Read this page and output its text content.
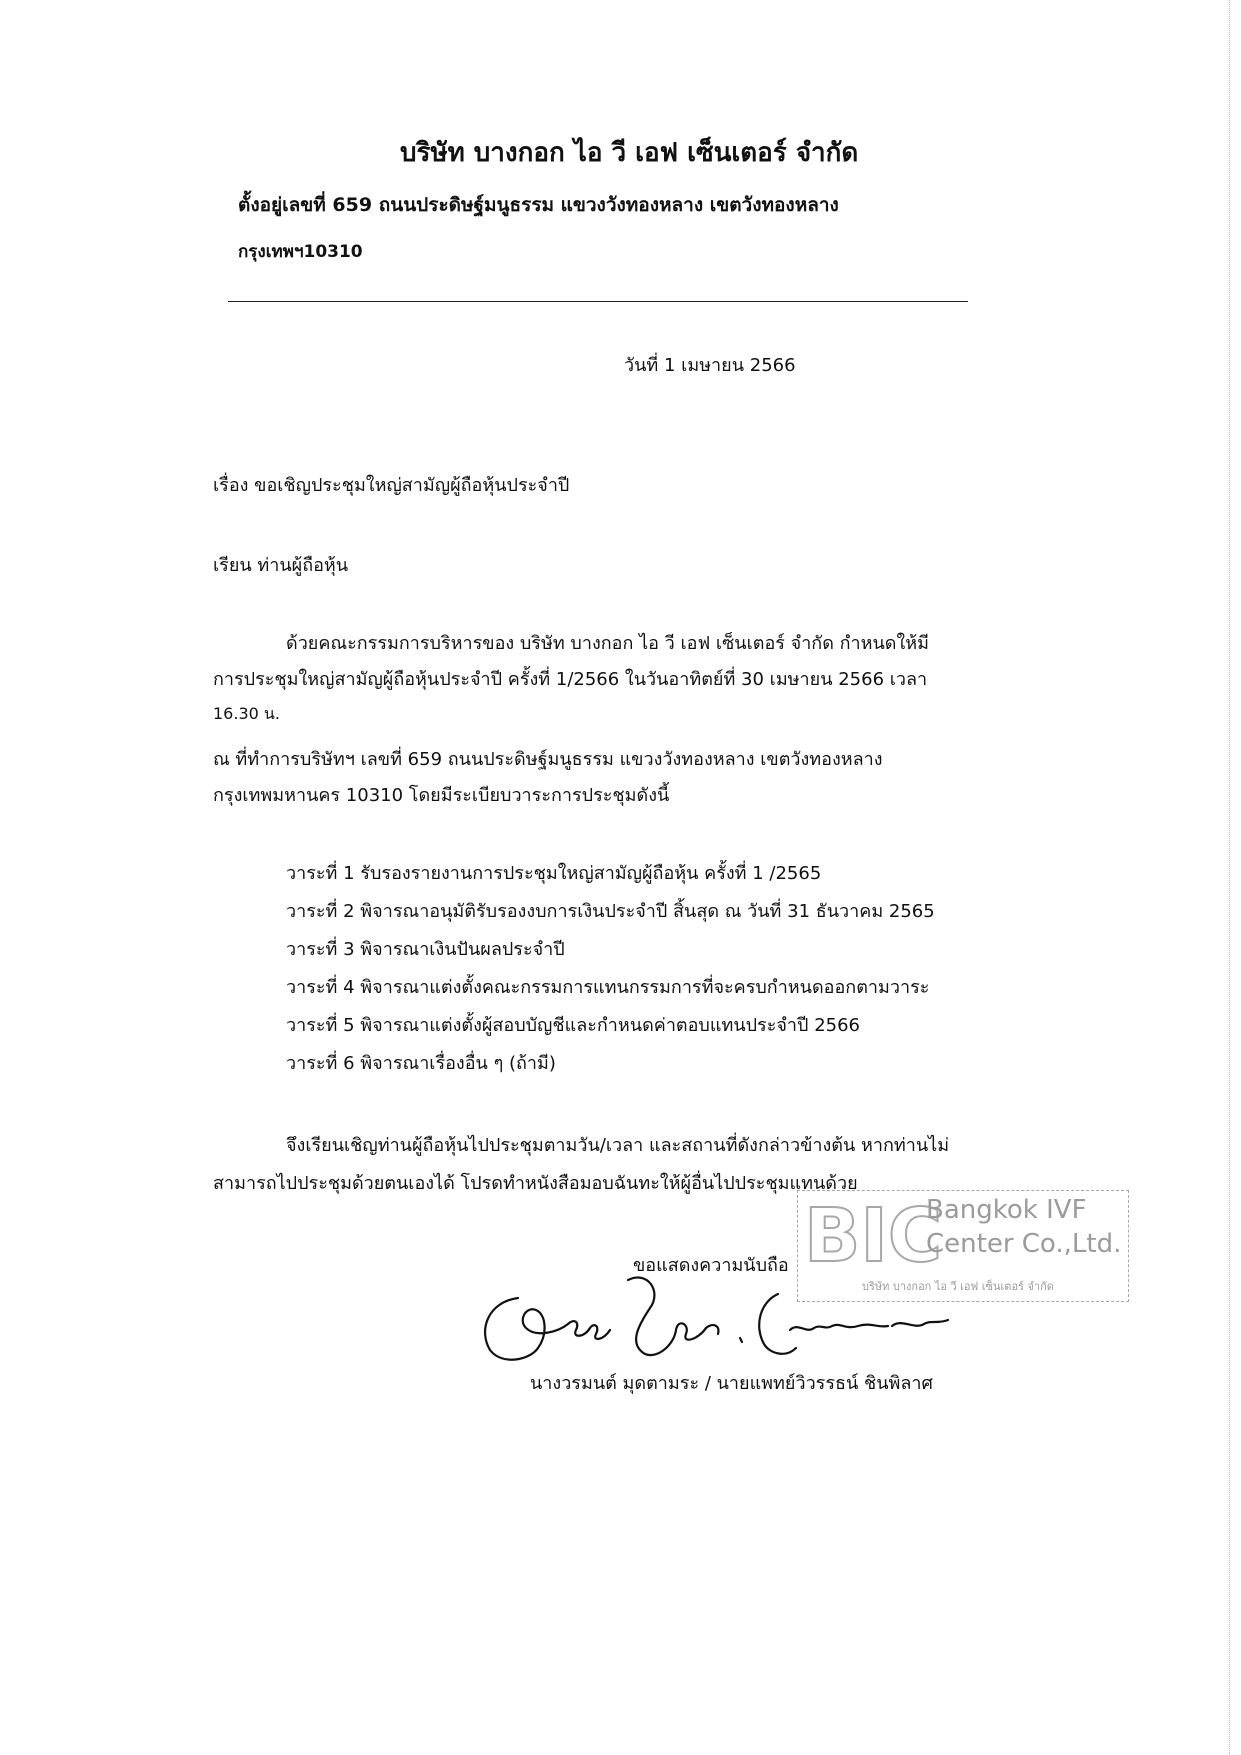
บริษัท บางกอก ไอ วี เอฟ เซ็นเตอร์ จำกัด
ตั้งอยู่เลขที่ 659 ถนนประดิษฐ์มนูธรรม แขวงวังทองหลาง เขตวังทองหลาง
กรุงเทพฯ10310
วันที่ 1 เมษายน 2566
เรื่อง ขอเชิญประชุมใหญ่สามัญผู้ถือหุ้นประจำปี
เรียน ท่านผู้ถือหุ้น
ด้วยคณะกรรมการบริหารของ บริษัท บางกอก ไอ วี เอฟ เซ็นเตอร์ จำกัด กำหนดให้มี
การประชุมใหญ่สามัญผู้ถือหุ้นประจำปี ครั้งที่ 1/2566 ในวันอาทิตย์ที่ 30 เมษายน 2566 เวลา
16.30 น.
ณ ที่ทำการบริษัทฯ เลขที่ 659 ถนนประดิษฐ์มนูธรรม แขวงวังทองหลาง เขตวังทองหลาง
กรุงเทพมหานคร 10310 โดยมีระเบียบวาระการประชุมดังนี้
วาระที่ 1 รับรองรายงานการประชุมใหญ่สามัญผู้ถือหุ้น ครั้งที่ 1 /2565
วาระที่ 2 พิจารณาอนุมัติรับรองงบการเงินประจำปี สิ้นสุด ณ วันที่ 31 ธันวาคม 2565
วาระที่ 3 พิจารณาเงินปันผลประจำปี
วาระที่ 4 พิจารณาแต่งตั้งคณะกรรมการแทนกรรมการที่จะครบกำหนดออกตามวาระ
วาระที่ 5 พิจารณาแต่งตั้งผู้สอบบัญชีและกำหนดค่าตอบแทนประจำปี 2566
วาระที่ 6 พิจารณาเรื่องอื่น ๆ (ถ้ามี)
จึงเรียนเชิญท่านผู้ถือหุ้นไปประชุมตามวัน/เวลา และสถานที่ดังกล่าวข้างต้น หากท่านไม่
สามารถไปประชุมด้วยตนเองได้ โปรดทำหนังสือมอบฉันทะให้ผู้อื่นไปประชุมแทนด้วย
BIC
Bangkok IVF
Center Co.,Ltd.
บริษัท บางกอก ไอ วี เอฟ เซ็นเตอร์ จำกัด
ขอแสดงความนับถือ
นางวรมนต์ มุดตามระ / นายแพทย์วิวรรธน์ ชินพิลาศ
